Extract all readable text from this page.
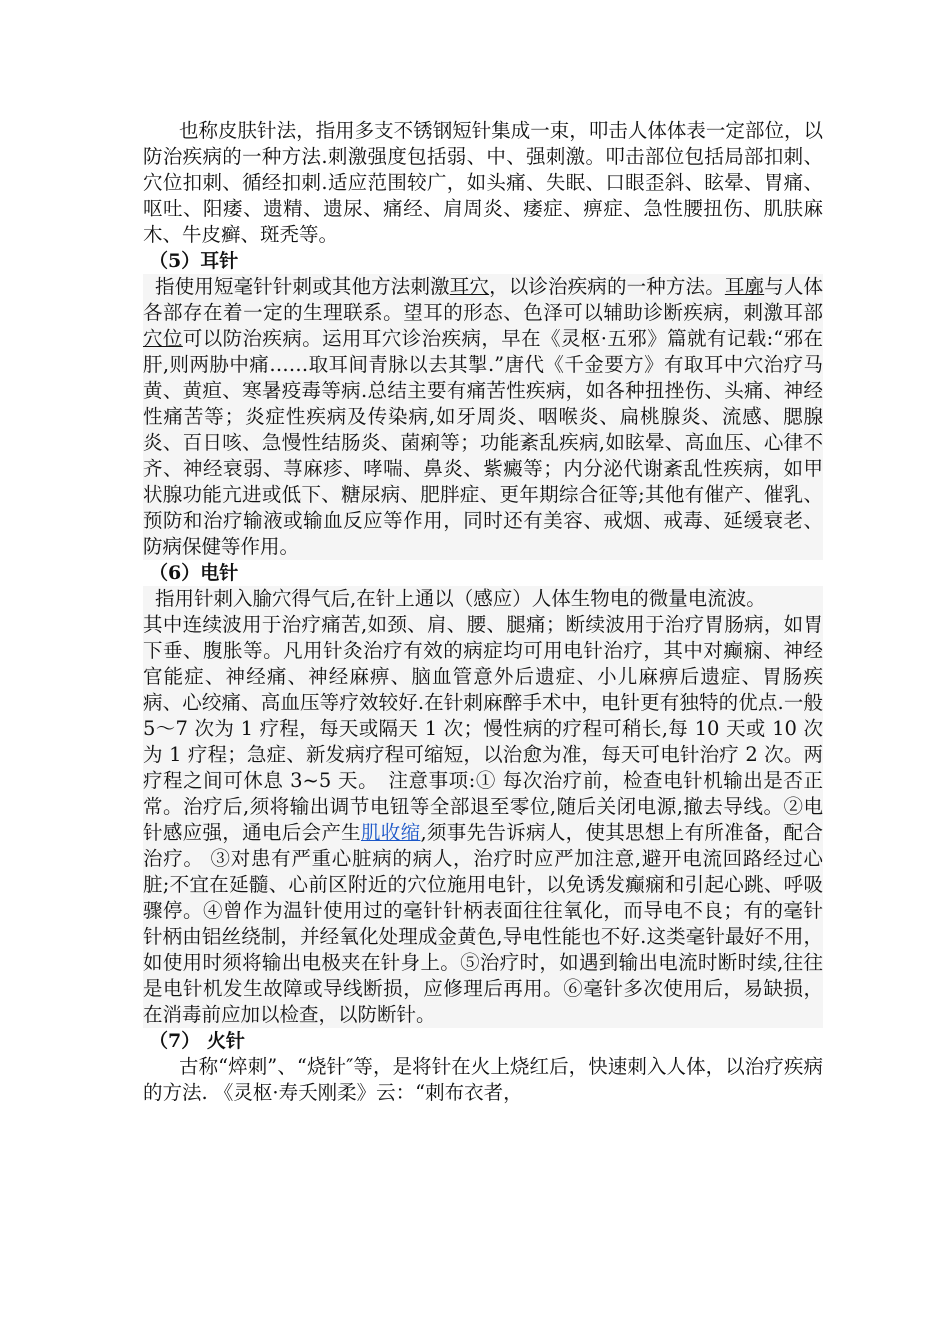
也称皮肤针法，指用多支不锈钢短针集成一束，叩击人体体表一定部位，以防治疾病的一种方法.刺激强度包括弱、中、强刺激。叩击部位包括局部扣刺、穴位扣刺、循经扣刺.适应范围较广，如头痛、失眠、口眼歪斜、眩晕、胃痛、呕吐、阳痿、遗精、遗尿、痛经、肩周炎、痿症、痹症、急性腰扭伤、肌肤麻木、牛皮癣、斑秃等。

（5）耳针

指使用短毫针针刺或其他方法刺激耳穴，以诊治疾病的一种方法。耳廓与人体各部存在着一定的生理联系。望耳的形态、色泽可以辅助诊断疾病，刺激耳部穴位可以防治疾病。运用耳穴诊治疾病，早在《灵枢·五邪》篇就有记载:“邪在肝,则两胁中痛……取耳间青脉以去其掣.”唐代《千金要方》有取耳中穴治疗马黄、黄疸、寒暑疫毒等病.总结主要有痛苦性疾病，如各种扭挫伤、头痛、神经性痛苦等；炎症性疾病及传染病,如牙周炎、咽喉炎、扁桃腺炎、流感、腮腺炎、百日咳、急慢性结肠炎、菌痢等；功能紊乱疾病,如眩晕、高血压、心律不齐、神经衰弱、荨麻疹、哮喘、鼻炎、紫癜等；内分泌代谢紊乱性疾病，如甲状腺功能亢进或低下、糖尿病、肥胖症、更年期综合征等;其他有催产、催乳、预防和治疗输液或输血反应等作用，同时还有美容、戒烟、戒毒、延缓衰老、防病保健等作用。

（6）电针

指用针刺入腧穴得气后,在针上通以（感应）人体生物电的微量电流波。

其中连续波用于治疗痛苦,如颈、肩、腰、腿痛；断续波用于治疗胃肠病，如胃下垂、腹胀等。凡用针灸治疗有效的病症均可用电针治疗，其中对癫痫、神经官能症、神经痛、神经麻痹、脑血管意外后遗症、小儿麻痹后遗症、胃肠疾病、心绞痛、高血压等疗效较好.在针刺麻醉手术中，电针更有独特的优点.一般 5～7 次为 1 疗程，每天或隔天 1 次；慢性病的疗程可稍长,每 10 天或 10 次为 1 疗程；急症、新发病疗程可缩短，以治愈为准，每天可电针治疗 2 次。两疗程之间可休息 3~5 天。　注意事项:① 每次治疗前，检查电针机输出是否正常。治疗后,须将输出调节电钮等全部退至零位,随后关闭电源,撤去导线。②电针感应强，通电后会产生肌收缩,须事先告诉病人，使其思想上有所准备，配合治疗。 ③对患有严重心脏病的病人，治疗时应严加注意,避开电流回路经过心脏;不宜在延髓、心前区附近的穴位施用电针，以免诱发癫痫和引起心跳、呼吸骤停。④曾作为温针使用过的毫针针柄表面往往氧化，而导电不良；有的毫针针柄由铝丝绕制，并经氧化处理成金黄色,导电性能也不好.这类毫针最好不用，如使用时须将输出电极夹在针身上。⑤治疗时，如遇到输出电流时断时续,往往是电针机发生故障或导线断损，应修理后再用。⑥毫针多次使用后，易缺损，在消毒前应加以检查，以防断针。

（7） 火针

古称“焠刺”、“烧针″等，是将针在火上烧红后，快速刺入人体，以治疗疾病的方法. 《灵枢·寿夭刚柔》云：“刺布衣者，
